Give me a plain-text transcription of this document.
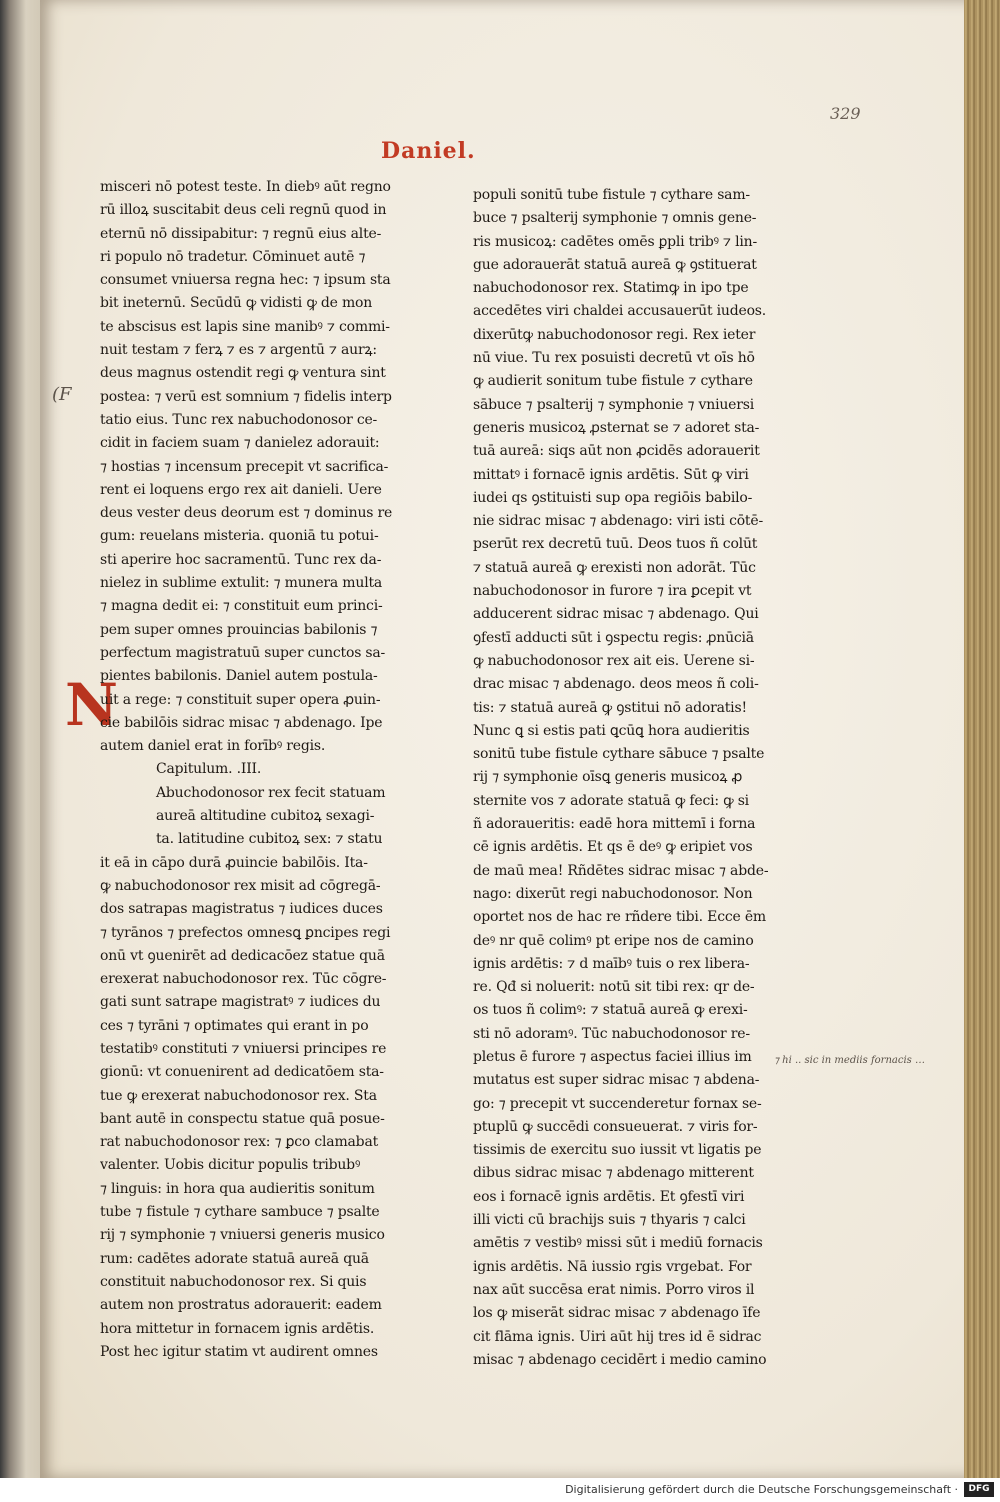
329
Daniel.
N
misceri nō potest teste. In diebꝰ aūt regno
rū illoꝝ suscitabit deus celi regnū quod in
eternū nō dissipabitur: ⁊ regnū eius alte-
ri populo nō tradetur. Cōminuet autē ⁊
consumet vniuersa regna hec: ⁊ ipsum sta
bit ineternū. Secūdū ꝙ vidisti ꝙ de mon
te abscisus est lapis sine manibꝰ ⁊ commi-
nuit testam ⁊ ferꝝ ⁊ es ⁊ argentū ⁊ aurꝝ:
deus magnus ostendit regi ꝙ ventura sint
postea: ⁊ verū est somnium ⁊ fidelis interp
tatio eius. Tunc rex nabuchodonosor ce-
cidit in faciem suam ⁊ danielez adorauit:
⁊ hostias ⁊ incensum precepit vt sacrifica-
rent ei loquens ergo rex ait danieli. Uere
deus vester deus deorum est ⁊ dominus re
gum: reuelans misteria. quoniā tu potui-
sti aperire hoc sacramentū. Tunc rex da-
nielez in sublime extulit: ⁊ munera multa
⁊ magna dedit ei: ⁊ constituit eum princi-
pem super omnes prouincias babilonis ⁊
perfectum magistratuū super cunctos sa-
pientes babilonis. Daniel autem postula-
uit a rege: ⁊ constituit super opera ꝓuin-
cie babilōis sidrac misac ⁊ abdenago. Ipe
autem daniel erat in forībꝰ regis.
Capitulum. .III.
Abuchodonosor rex fecit statuam
aureā altitudine cubitoꝝ sexagi-
ta. latitudine cubitoꝝ sex: ⁊ statu
it eā in cāpo durā ꝓuincie babilōis. Ita-
ꝙ nabuchodonosor rex misit ad cōgregā-
dos satrapas magistratus ⁊ iudices duces
⁊ tyrānos ⁊ prefectos omnesꝗ ꝑncipes regi
onū vt ꝯuenirēt ad dedicacōez statue quā
erexerat nabuchodonosor rex. Tūc cōgre-
gati sunt satrape magistratꝰ ⁊ iudices du
ces ⁊ tyrāni ⁊ optimates qui erant in po
testatibꝰ constituti ⁊ vniuersi principes re
gionū: vt conuenirent ad dedicatōem sta-
tue ꝙ erexerat nabuchodonosor rex. Sta
bant autē in conspectu statue quā posue-
rat nabuchodonosor rex: ⁊ ꝑco clamabat
valenter. Uobis dicitur populis tribubꝰ
⁊ linguis: in hora qua audieritis sonitum
tube ⁊ fistule ⁊ cythare sambuce ⁊ psalte
rij ⁊ symphonie ⁊ vniuersi generis musico
rum: cadētes adorate statuā aureā quā
constituit nabuchodonosor rex. Si quis
autem non prostratus adorauerit: eadem
hora mittetur in fornacem ignis ardētis.
Post hec igitur statim vt audirent omnes
populi sonitū tube fistule ⁊ cythare sam-
buce ⁊ psalterij symphonie ⁊ omnis gene-
ris musicoꝝ: cadētes omēs ꝑpli tribꝰ ⁊ lin-
gue adorauerāt statuā aureā ꝙ ꝯstituerat
nabuchodonosor rex. Statimꝙ in ipo tpe
accedētes viri chaldei accusauerūt iudeos.
dixerūtꝙ nabuchodonosor regi. Rex ieter
nū viue. Tu rex posuisti decretū vt oīs hō
ꝙ audierit sonitum tube fistule ⁊ cythare
sābuce ⁊ psalterij ⁊ symphonie ⁊ vniuersi
generis musicoꝝ ꝓsternat se ⁊ adoret sta-
tuā aureā: siqs aūt non ꝓcidēs adorauerit
mittatꝰ i fornacē ignis ardētis. Sūt ꝙ viri
iudei qs ꝯstituisti sup opa regiōis babilo-
nie sidrac misac ⁊ abdenago: viri isti cōtē-
pserūt rex decretū tuū. Deos tuos ñ colūt
⁊ statuā aureā ꝙ erexisti non adorāt. Tūc
nabuchodonosor in furore ⁊ ira ꝑcepit vt
adducerent sidrac misac ⁊ abdenago. Qui
ꝯfestī adducti sūt i ꝯspectu regis: ꝓnūciā
ꝙ nabuchodonosor rex ait eis. Uerene si-
drac misac ⁊ abdenago. deos meos ñ coli-
tis: ⁊ statuā aureā ꝙ ꝯstitui nō adoratis!
Nunc ꝗ si estis pati ꝗcūꝗ hora audieritis
sonitū tube fistule cythare sābuce ⁊ psalte
rij ⁊ symphonie oīsꝗ generis musicoꝝ ꝓ
sternite vos ⁊ adorate statuā ꝙ feci: ꝙ si
ñ adoraueritis: eadē hora mittemī i forna
cē ignis ardētis. Et qs ē deꝰ ꝙ eripiet vos
de maū mea! Rñdētes sidrac misac ⁊ abde-
nago: dixerūt regi nabuchodonosor. Non
oportet nos de hac re rñdere tibi. Ecce ēm
deꝰ nr quē colimꝰ pt eripe nos de camino
ignis ardētis: ⁊ d maībꝰ tuis o rex libera-
re. Qđ si noluerit: notū sit tibi rex: qr de-
os tuos ñ colimꝰ: ⁊ statuā aureā ꝙ erexi-
sti nō adoramꝰ. Tūc nabuchodonosor re-
pletus ē furore ⁊ aspectus faciei illius im
mutatus est super sidrac misac ⁊ abdena-
go: ⁊ precepit vt succenderetur fornax se-
ptuplū ꝙ succēdi consueuerat. ⁊ viris for-
tissimis de exercitu suo iussit vt ligatis pe
dibus sidrac misac ⁊ abdenago mitterent
eos i fornacē ignis ardētis. Et ꝯfestī viri
illi victi cū brachijs suis ⁊ thyaris ⁊ calci
amētis ⁊ vestibꝰ missi sūt i mediū fornacis
ignis ardētis. Nā iussio rgis vrgebat. For
nax aūt succēsa erat nimis. Porro viros il
los ꝙ miserāt sidrac misac ⁊ abdenago īfe
cit flāma ignis. Uiri aūt hij tres id ē sidrac
misac ⁊ abdenago cecidērt i medio camino
(F
⁊ hi .. sic in mediis fornacis …
Digitalisierung gefördert durch die Deutsche Forschungsgemeinschaft ·	DFG
